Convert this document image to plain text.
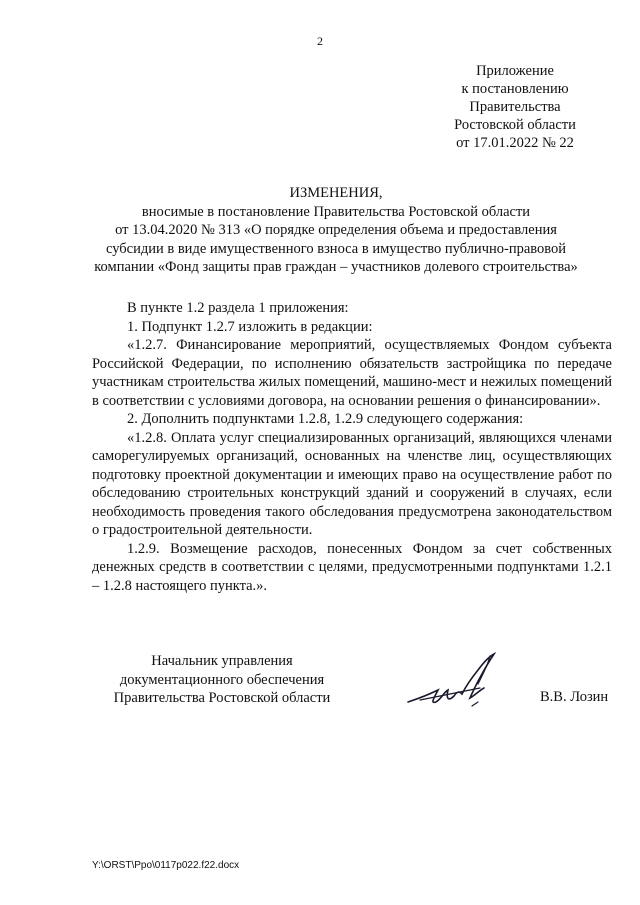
2
Приложение
к постановлению
Правительства
Ростовской области
от 17.01.2022 № 22
ИЗМЕНЕНИЯ,
вносимые в постановление Правительства Ростовской области
от 13.04.2020 № 313 «О порядке определения объема и предоставления
субсидии в виде имущественного взноса в имущество публично-правовой
компании «Фонд защиты прав граждан – участников долевого строительства»

В пункте 1.2 раздела 1 приложения:

1. Подпункт 1.2.7 изложить в редакции:

«1.2.7. Финансирование мероприятий, осуществляемых Фондом субъекта Российской Федерации, по исполнению обязательств застройщика по передаче участникам строительства жилых помещений, машино-мест и нежилых помещений в соответствии с условиями договора, на основании решения о финансировании».

2. Дополнить подпунктами 1.2.8, 1.2.9 следующего содержания:

«1.2.8. Оплата услуг специализированных организаций, являющихся членами саморегулируемых организаций, основанных на членстве лиц, осуществляющих подготовку проектной документации и имеющих право на осуществление работ по обследованию строительных конструкций зданий и сооружений в случаях, если необходимость проведения такого обследования предусмотрена законодательством о градостроительной деятельности.

1.2.9. Возмещение расходов, понесенных Фондом за счет собственных денежных средств в соответствии с целями, предусмотренными подпунктами 1.2.1 – 1.2.8 настоящего пункта.».

Начальник управления
документационного обеспечения
Правительства Ростовской области	В.В. Лозин
Y:\ORST\Ppo\0117p022.f22.docx
